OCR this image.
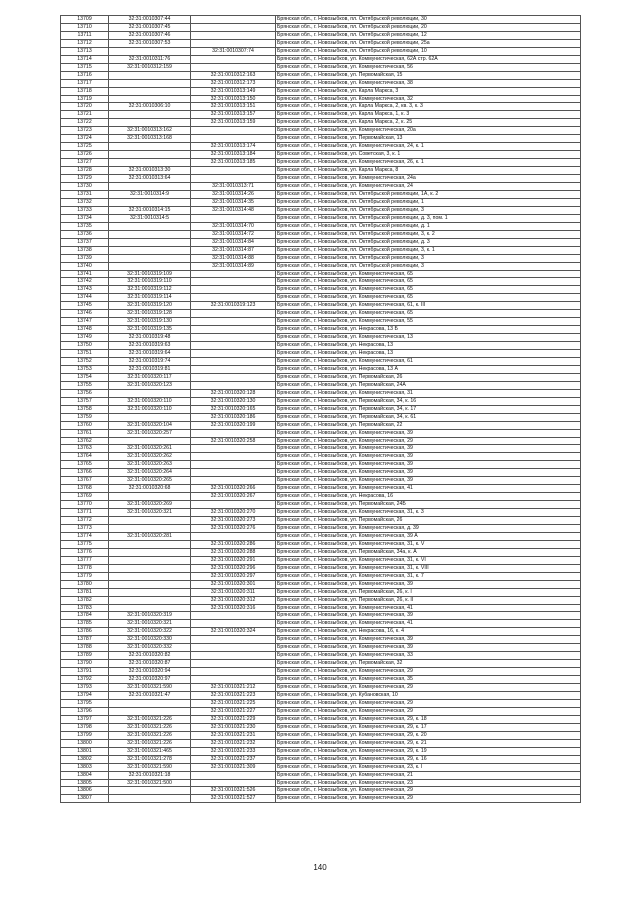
13709	32:31:0010307:44		Брянская обл., г. Новозыбков, пл. Октябрьской революции, 30
13710	32:31:0010307:45		Брянская обл., г. Новозыбков, пл. Октябрьской революции, 20
13711	32:31:0010307:46		Брянская обл., г. Новозыбков, пл. Октябрьской революции, 12
13712	32:31:0010307:53		Брянская обл., г. Новозыбков, пл. Октябрьской революции, 25а
13713		32:31:0010307:74	Брянская обл., г. Новозыбков, пл. Октябрьской революции, 10
13714	32:31:0010311:76		Брянская обл., г. Новозыбков, ул. Коммунистическая, 62А стр. 62А
13715	32:31:0010312:159		Брянская обл., г. Новозыбков, ул. Коммунистическая, 56
13716		32:31:0010312:163	Брянская обл., г. Новозыбков, ул. Первомайская, 15
13717		32:31:0010312:173	Брянская обл., г. Новозыбков, ул. Коммунистическая, 38
13718		32:31:0010313:149	Брянская обл., г. Новозыбков, ул. Карла Маркса, 3
13719		32:31:0010313:150	Брянская обл., г. Новозыбков, ул. Коммунистическая, 32
13720	32:31:0010306:10	32:31:0010313:151	Брянская обл., г. Новозыбков, ул. Карла Маркса, 2, кв. 3, к. 3
13721		32:31:0010313:157	Брянская обл., г. Новозыбков, ул. Карла Маркса, 1, к. 3
13722		32:31:0010313:159	Брянская обл., г. Новозыбков, ул. Карла Маркса, 2, к. 25
13723	32:31:0010313:162		Брянская обл., г. Новозыбков, ул. Коммунистическая, 20а
13724	32:31:0010313:168		Брянская обл., г. Новозыбков, ул. Первомайская, 13
13725		32:31:0010313:174	Брянская обл., г. Новозыбков, ул. Коммунистическая, 24, к. 1
13726		32:31:0010313:184	Брянская обл., г. Новозыбков, ул. Советская, 3, к. 1
13727		32:31:0010313:185	Брянская обл., г. Новозыбков, ул. Коммунистическая, 26, к. 1
13728	32:31:0010313:30		Брянская обл., г. Новозыбков, ул. Карла Маркса, 8
13729	32:31:0010313:64		Брянская обл., г. Новозыбков, ул. Коммунистическая, 24а
13730		32:31:0010313:71	Брянская обл., г. Новозыбков, ул. Коммунистическая, 24
13731	32:31:0010314:9	32:31:0010314:26	Брянская обл., г. Новозыбков, пл. Октябрьской революции, 1А, к. 2
13732		32:31:0010314:35	Брянская обл., г. Новозыбков, пл. Октябрьской революции, 1
13733	32:31:0010314:15	32:31:0010314:48	Брянская обл., г. Новозыбков, пл. Октябрьской революции, 3
13734	32:31:0010314:5		Брянская обл., г. Новозыбков, пл. Октябрьской революции, д. 3, пом. 1
13735		32:31:0010314:70	Брянская обл., г. Новозыбков, пл. Октябрьской революции, д. 1
13736		32:31:0010314:72	Брянская обл., г. Новозыбков, пл. Октябрьской революции, 3, к. 2
13737		32:31:0010314:84	Брянская обл., г. Новозыбков, пл. Октябрьской революции, д. 3
13738		32:31:0010314:87	Брянская обл., г. Новозыбков, пл. Октябрьской революции, 3, к. 1
13739		32:31:0010314:88	Брянская обл., г. Новозыбков, пл. Октябрьской революции, 3
13740		32:31:0010314:89	Брянская обл., г. Новозыбков, пл. Октябрьской революции, 3
13741	32:31:0010319:109		Брянская обл., г. Новозыбков, ул. Коммунистическая, 65
13742	32:31:0010319:110		Брянская обл., г. Новозыбков, ул. Коммунистическая, 65
13743	32:31:0010319:112		Брянская обл., г. Новозыбков, ул. Коммунистическая, 65
13744	32:31:0010319:114		Брянская обл., г. Новозыбков, ул. Коммунистическая, 65
13745	32:31:0010319:120	32:31:0010319:123	Брянская обл., г. Новозыбков, ул. Коммунистическая, 61, к. III
13746	32:31:0010319:128		Брянская обл., г. Новозыбков, ул. Коммунистическая, 65
13747	32:31:0010319:130		Брянская обл., г. Новозыбков, ул. Коммунистическая, 55
13748	32:31:0010319:135		Брянская обл., г. Новозыбков, ул. Некрасова, 13 Б
13749	32:31:0010319:48		Брянская обл., г. Новозыбков, ул. Коммунистическая, 13
13750	32:31:0010319:63		Брянская обл., г. Новозыбков, ул. Некрасова, 13
13751	32:31:0010319:64		Брянская обл., г. Новозыбков, ул. Некрасова, 13
13752	32:31:0010319:74		Брянская обл., г. Новозыбков, ул. Коммунистическая, 61
13753	32:31:0010319:81		Брянская обл., г. Новозыбков, ул. Некрасова, 13 А
13754	32:31:0010320:117		Брянская обл., г. Новозыбков, ул. Первомайская, 26
13755	32:31:0010320:123		Брянская обл., г. Новозыбков, ул. Первомайская, 24А
13756		32:31:0010320:128	Брянская обл., г. Новозыбков, ул. Коммунистическая, 31
13757	32:31:0010320:110	32:31:0010320:130	Брянская обл., г. Новозыбков, ул. Первомайская, 34, к. 16
13758	32:31:0010320:110	32:31:0010320:165	Брянская обл., г. Новозыбков, ул. Первомайская, 34, к. 17
13759		32:31:0010320:186	Брянская обл., г. Новозыбков, ул. Первомайская, 34, к. 61
13760	32:31:0010320:104	32:31:0010320:199	Брянская обл., г. Новозыбков, ул. Первомайская, 22
13761	32:31:0010320:257		Брянская обл., г. Новозыбков, ул. Коммунистическая, 39
13762		32:31:0010320:258	Брянская обл., г. Новозыбков, ул. Коммунистическая, 29
13763	32:31:0010320:261		Брянская обл., г. Новозыбков, ул. Коммунистическая, 39
13764	32:31:0010320:262		Брянская обл., г. Новозыбков, ул. Коммунистическая, 39
13765	32:31:0010320:263		Брянская обл., г. Новозыбков, ул. Коммунистическая, 39
13766	32:31:0010320:264		Брянская обл., г. Новозыбков, ул. Коммунистическая, 39
13767	32:31:0010320:265		Брянская обл., г. Новозыбков, ул. Коммунистическая, 39
13768	32:31:0010320:68	32:31:0010320:266	Брянская обл., г. Новозыбков, ул. Коммунистическая, 41
13769		32:31:0010320:267	Брянская обл., г. Новозыбков, ул. Некрасова, 16
13770	32:31:0010320:269		Брянская обл., г. Новозыбков, ул. Первомайская, 24Б
13771	32:31:0010320:321	32:31:0010320:270	Брянская обл., г. Новозыбков, ул. Коммунистическая, 31, к. 3
13772		32:31:0010320:273	Брянская обл., г. Новозыбков, ул. Первомайская, 26
13773		32:31:0010320:276	Брянская обл., г. Новозыбков, ул. Коммунистическая, д. 39
13774	32:31:0010320:281		Брянская обл., г. Новозыбков, ул. Коммунистическая, 39 А
13775		32:31:0010320:286	Брянская обл., г. Новозыбков, ул. Коммунистическая, 31, к. V
13776		32:31:0010320:288	Брянская обл., г. Новозыбков, ул. Первомайская, 34а, к. А
13777		32:31:0010320:291	Брянская обл., г. Новозыбков, ул. Коммунистическая, 31, к. VI
13778		32:31:0010320:296	Брянская обл., г. Новозыбков, ул. Коммунистическая, 31, к. VIII
13779		32:31:0010320:297	Брянская обл., г. Новозыбков, ул. Коммунистическая, 31, к. 7
13780		32:31:0010320:301	Брянская обл., г. Новозыбков, ул. Коммунистическая, 39
13781		32:31:0010320:311	Брянская обл., г. Новозыбков, ул. Первомайская, 26, к. I
13782		32:31:0010320:312	Брянская обл., г. Новозыбков, ул. Первомайская, 26, к. II
13783		32:31:0010320:316	Брянская обл., г. Новозыбков, ул. Коммунистическая, 41
13784	32:31:0010320:319		Брянская обл., г. Новозыбков, ул. Коммунистическая, 39
13785	32:31:0010320:321		Брянская обл., г. Новозыбков, ул. Коммунистическая, 41
13786	32:31:0010320:322	32:31:0010320:324	Брянская обл., г. Новозыбков, ул. Некрасова, 16, к. 4
13787	32:31:0010320:330		Брянская обл., г. Новозыбков, ул. Коммунистическая, 39
13788	32:31:0010320:332		Брянская обл., г. Новозыбков, ул. Коммунистическая, 39
13789	32:31:0010320:82		Брянская обл., г. Новозыбков, ул. Коммунистическая, 33
13790	32:31:0010320:87		Брянская обл., г. Новозыбков, ул. Первомайская, 32
13791	32:31:0010320:94		Брянская обл., г. Новозыбков, ул. Коммунистическая, 29
13792	32:31:0010320:97		Брянская обл., г. Новозыбков, ул. Коммунистическая, 35
13793	32:31:0010321:590	32:31:0010321:212	Брянская обл., г. Новозыбков, ул. Коммунистическая, 29
13794	32:31:0010321:47	32:31:0010321:223	Брянская обл., г. Новозыбков, ул. Кубановская, 10
13795		32:31:0010321:225	Брянская обл., г. Новозыбков, ул. Коммунистическая, 29
13796		32:31:0010321:227	Брянская обл., г. Новозыбков, ул. Коммунистическая, 29
13797	32:31:0010321:226	32:31:0010321:229	Брянская обл., г. Новозыбков, ул. Коммунистическая, 29, к. 18
13798	32:31:0010321:226	32:31:0010321:230	Брянская обл., г. Новозыбков, ул. Коммунистическая, 29, к. 17
13799	32:31:0010321:226	32:31:0010321:231	Брянская обл., г. Новозыбков, ул. Коммунистическая, 29, к. 20
13800	32:31:0010321:226	32:31:0010321:232	Брянская обл., г. Новозыбков, ул. Коммунистическая, 29, к. 21
13801	32:31:0010321:465	32:31:0010321:233	Брянская обл., г. Новозыбков, ул. Коммунистическая, 29, к. 19
13802	32:31:0010321:278	32:31:0010321:237	Брянская обл., г. Новозыбков, ул. Коммунистическая, 29, к. 16
13803	32:31:0010321:590	32:31:0010321:309	Брянская обл., г. Новозыбков, ул. Коммунистическая, 23, к. I
13804	32:31:0010321:18		Брянская обл., г. Новозыбков, ул. Коммунистическая, 21
13805	32:31:0010321:500		Брянская обл., г. Новозыбков, ул. Коммунистическая, 23
13806		32:31:0010321:526	Брянская обл., г. Новозыбков, ул. Коммунистическая, 29
13807		32:31:0010321:527	Брянская обл., г. Новозыбков, ул. Коммунистическая, 29
140
